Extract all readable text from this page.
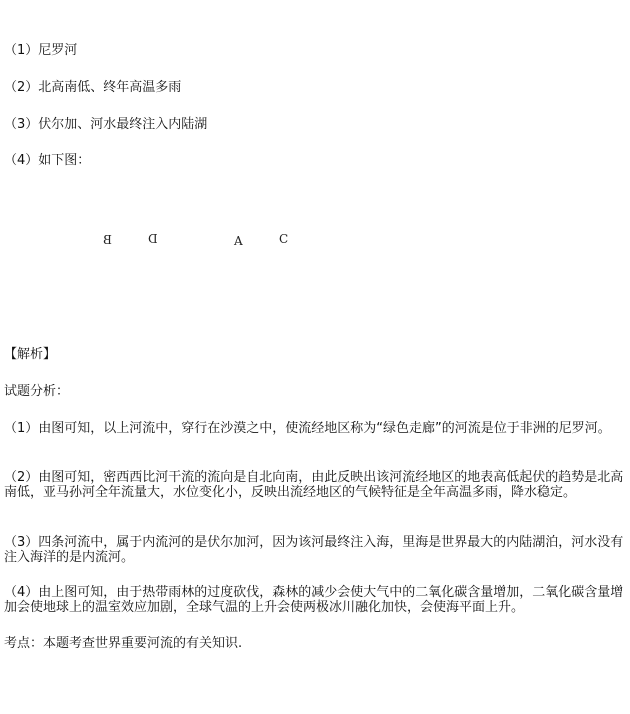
（1）尼罗河
（2）北高南低、终年高温多雨
（3）伏尔加、河水最终注入内陆湖
（4）如下图：
B	D	A	C
【解析】
试题分析：
（1）由图可知，以上河流中，穿行在沙漠之中，使流经地区称为“绿色走廊”的河流是位于非洲的尼罗河。
（2）由图可知，密西西比河干流的流向是自北向南，由此反映出该河流经地区的地表高低起伏的趋势是北高南低，亚马孙河全年流量大，水位变化小，反映出流经地区的气候特征是全年高温多雨，降水稳定。
（3）四条河流中，属于内流河的是伏尔加河，因为该河最终注入海，里海是世界最大的内陆湖泊，河水没有注入海洋的是内流河。
（4）由上图可知，由于热带雨林的过度砍伐，森林的减少会使大气中的二氧化碳含量增加，二氧化碳含量增加会使地球上的温室效应加剧，全球气温的上升会使两极冰川融化加快，会使海平面上升。
考点：本题考查世界重要河流的有关知识.
